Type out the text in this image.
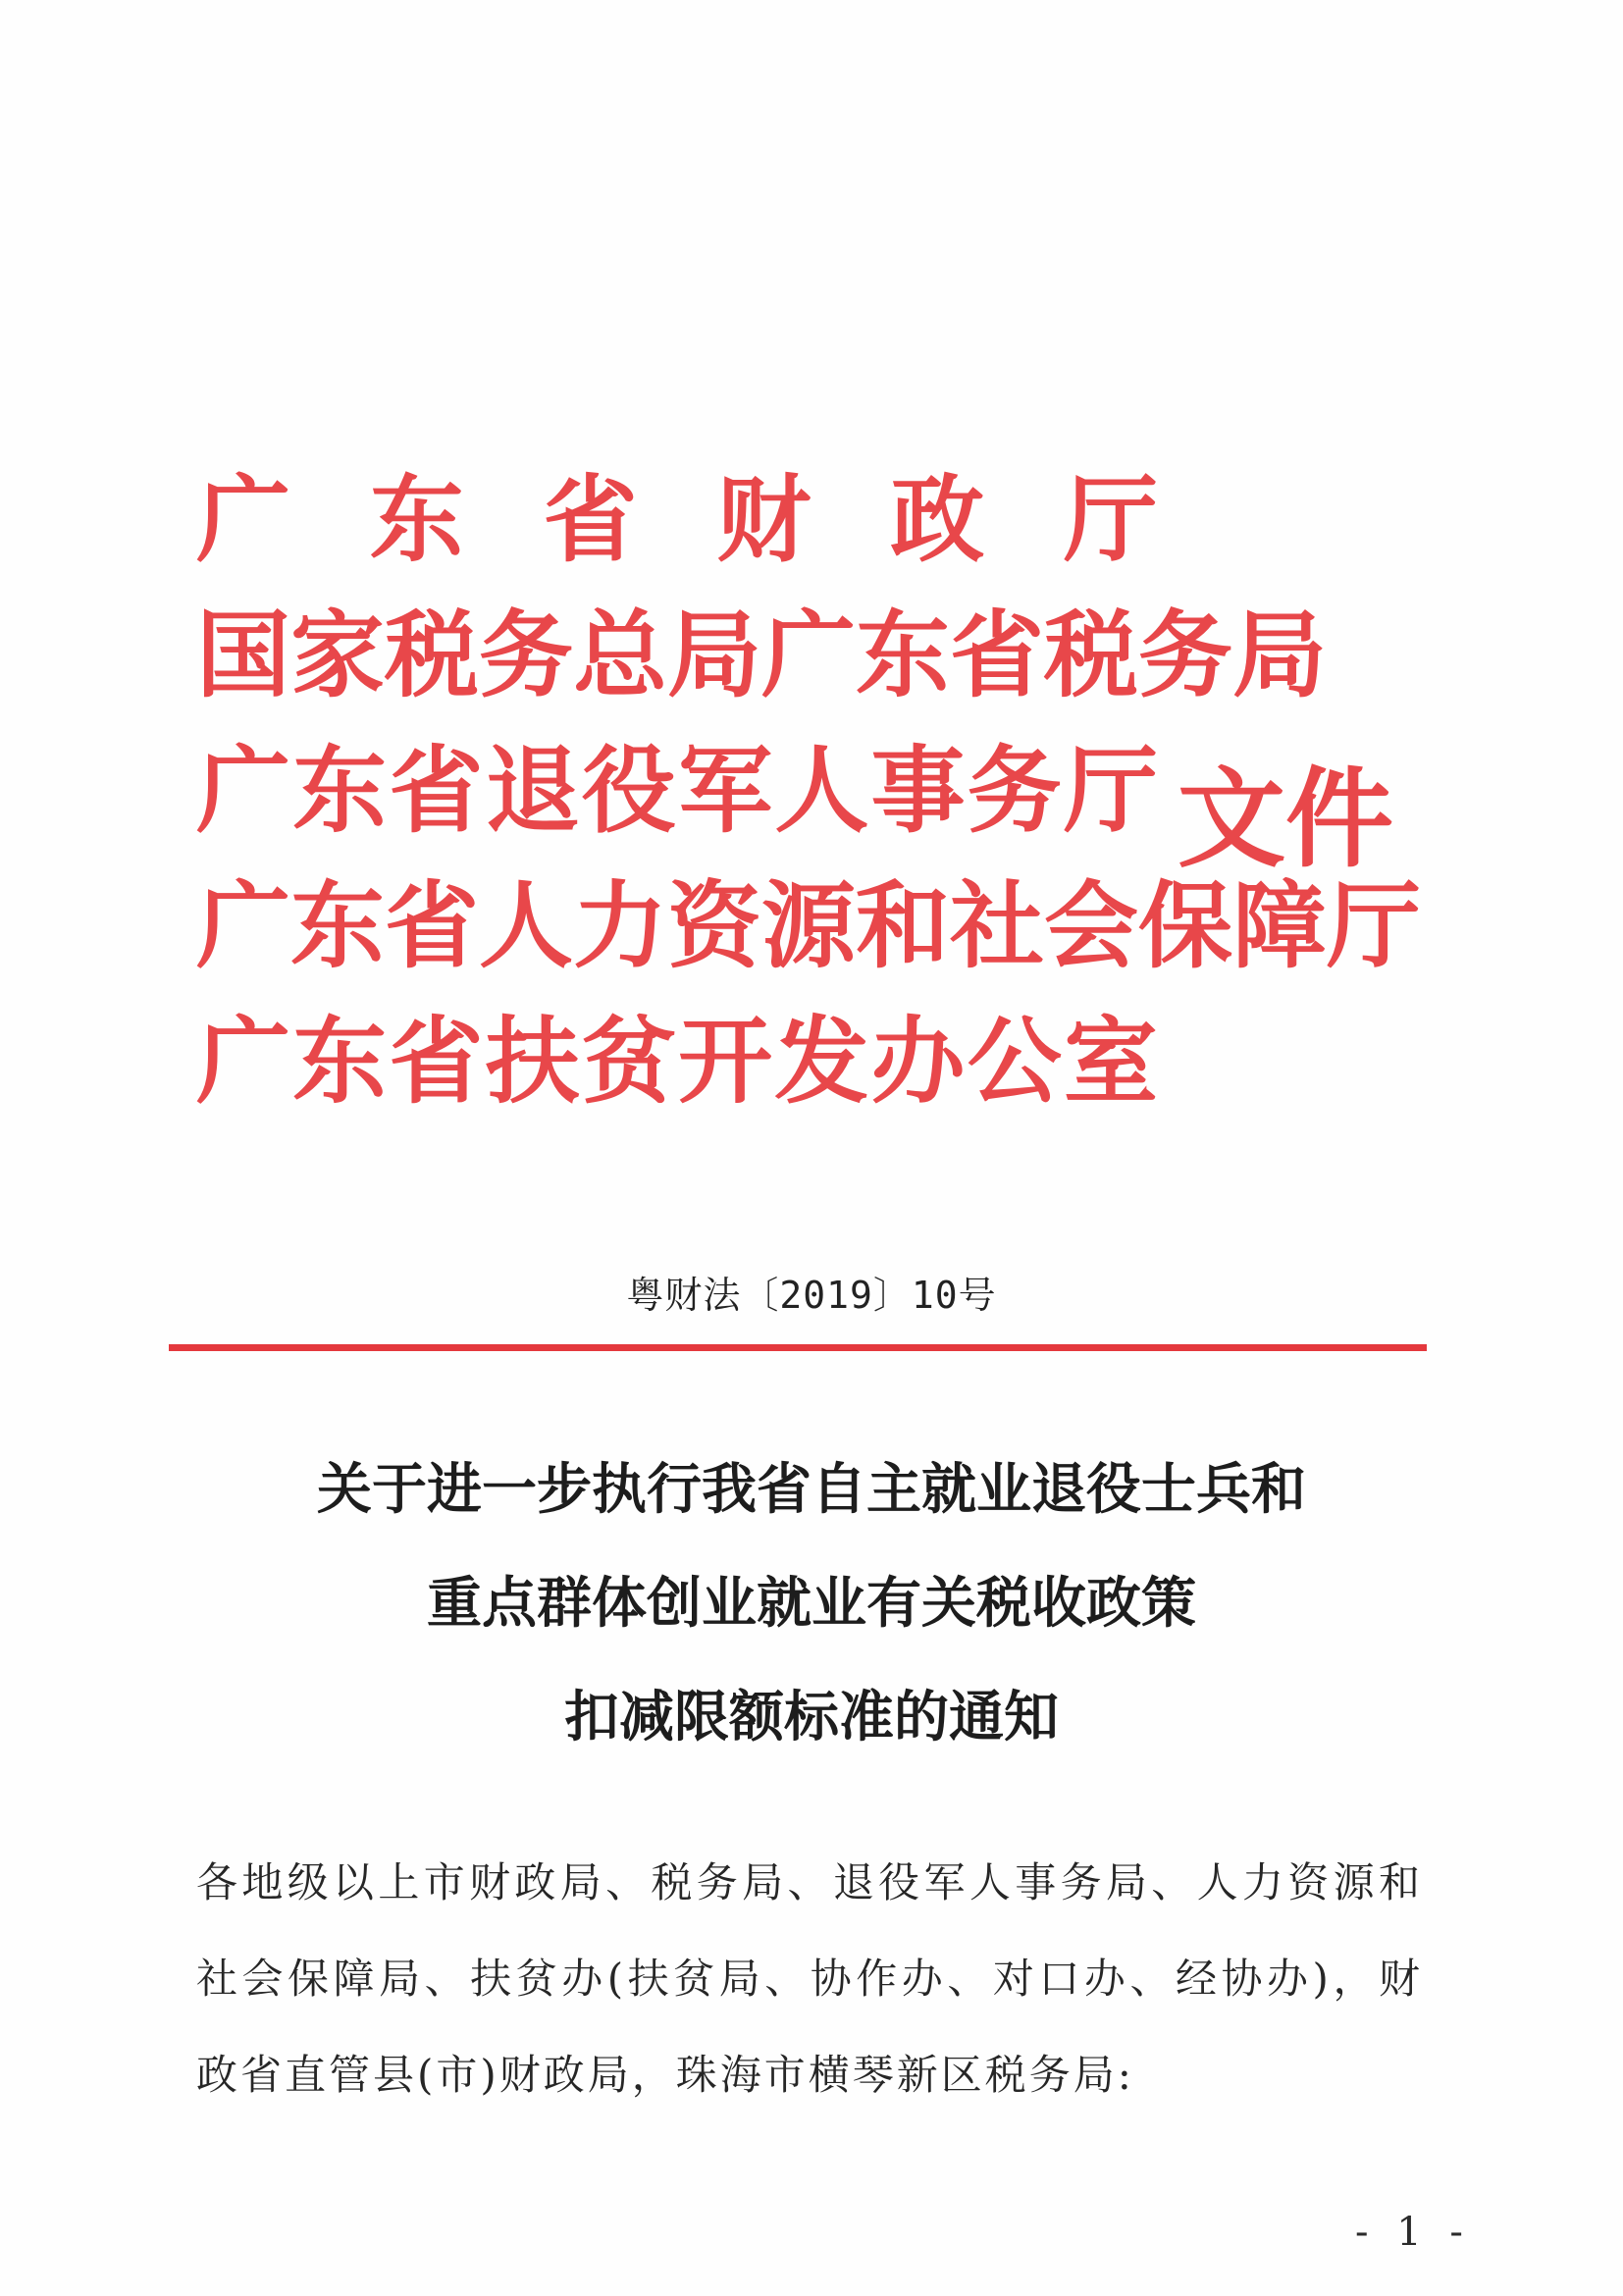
广 东 省 财 政 厅
国家税务总局广东省税务局
广 东 省 退 役 军 人 事 务 厅
广东省人力资源和社会保障厅
广 东 省 扶 贫 开 发 办 公 室
文件
粤财法〔2019〕10号
关于进一步执行我省自主就业退役士兵和
重点群体创业就业有关税收政策
扣减限额标准的通知
各地级以上市财政局、税务局、退役军人事务局、人力资源和社会保障局、扶贫办(扶贫局、协作办、对口办、经协办)，财政省直管县(市)财政局，珠海市横琴新区税务局:
- 1 -
